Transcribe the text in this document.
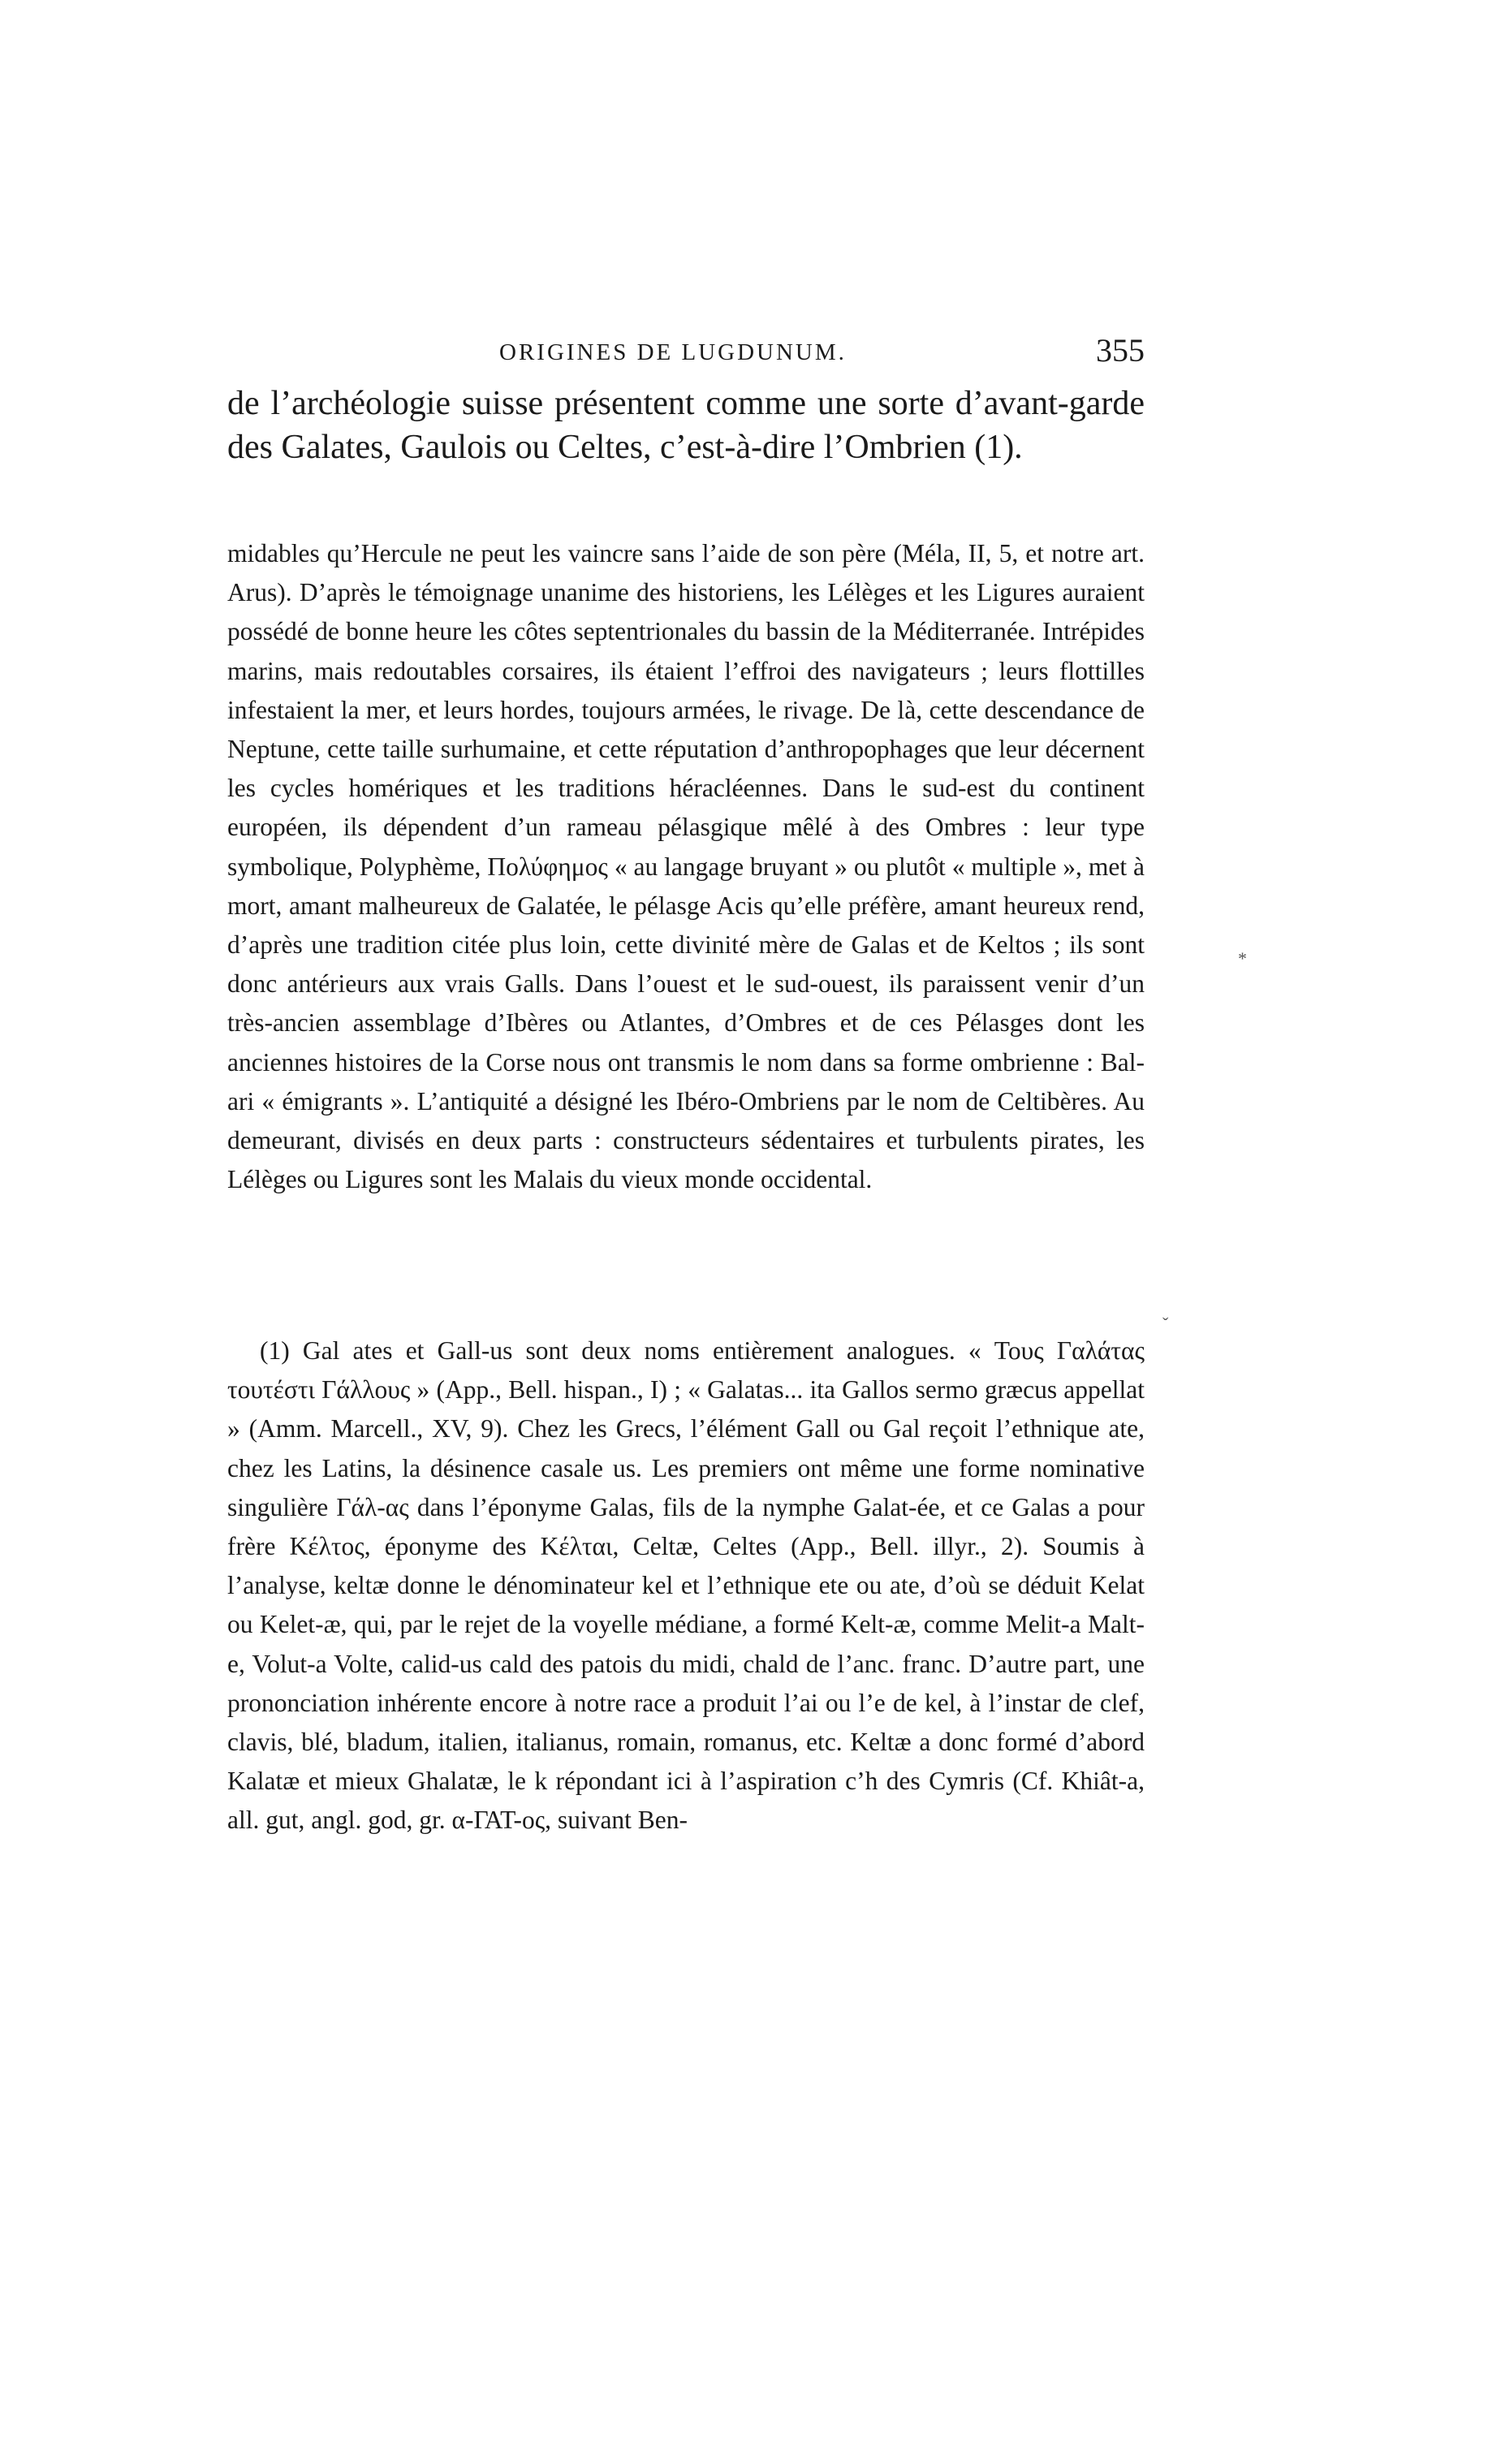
ORIGINES DE LUGDUNUM.	355

de l’archéologie suisse présentent comme une sorte d’avant-garde des Galates, Gaulois ou Celtes, c’est-à-dire l’Ombrien (1).

midables qu’Hercule ne peut les vaincre sans l’aide de son père (Méla, II, 5, et notre art. Arus). D’après le témoignage unanime des historiens, les Lélèges et les Ligures auraient possédé de bonne heure les côtes septentrionales du bassin de la Méditerranée. Intrépides marins, mais redoutables corsaires, ils étaient l’effroi des navigateurs ; leurs flottilles infestaient la mer, et leurs hordes, toujours armées, le rivage. De là, cette descendance de Neptune, cette taille surhumaine, et cette réputation d’anthropophages que leur décernent les cycles homériques et les traditions héracléennes. Dans le sud-est du continent européen, ils dépendent d’un rameau pélasgique mêlé à des Ombres : leur type symbolique, Polyphème, Πολύφημος « au langage bruyant » ou plutôt « multiple », met à mort, amant malheureux de Galatée, le pélasge Acis qu’elle préfère, amant heureux rend, d’après une tradition citée plus loin, cette divinité mère de Galas et de Keltos ; ils sont donc antérieurs aux vrais Galls. Dans l’ouest et le sud-ouest, ils paraissent venir d’un très-ancien assemblage d’Ibères ou Atlantes, d’Ombres et de ces Pélasges dont les anciennes histoires de la Corse nous ont transmis le nom dans sa forme ombrienne : Bal-ari « émigrants ». L’antiquité a désigné les Ibéro-Ombriens par le nom de Celtibères. Au demeurant, divisés en deux parts : constructeurs sédentaires et turbulents pirates, les Lélèges ou Ligures sont les Malais du vieux monde occidental.

(1) Gal ates et Gall-us sont deux noms entièrement analogues. « Τους Γαλάτας τουτέστι Γάλλους » (App., Bell. hispan., I) ; « Galatas... ita Gallos sermo græcus appellat » (Amm. Marcell., XV, 9). Chez les Grecs, l’élément Gall ou Gal reçoit l’ethnique ate, chez les Latins, la désinence casale us. Les premiers ont même une forme nominative singulière Γάλ-ας dans l’éponyme Galas, fils de la nymphe Galat-ée, et ce Galas a pour frère Κέλτος, éponyme des Κέλται, Celtæ, Celtes (App., Bell. illyr., 2). Soumis à l’analyse, keltæ donne le dénominateur kel et l’ethnique ete ou ate, d’où se déduit Kelat ou Kelet-æ, qui, par le rejet de la voyelle médiane, a formé Kelt-æ, comme Melit-a Malt-e, Volut-a Volte, calid-us cald des patois du midi, chald de l’anc. franc. D’autre part, une prononciation inhérente encore à notre race a produit l’ai ou l’e de kel, à l’instar de clef, clavis, blé, bladum, italien, italianus, romain, romanus, etc. Keltæ a donc formé d’abord Kalatæ et mieux Ghalatæ, le k répondant ici à l’aspiration c’h des Cymris (Cf. Khiât-a, all. gut, angl. god, gr. α-ΓΑΤ-ος, suivant Ben-

*
ˇ
